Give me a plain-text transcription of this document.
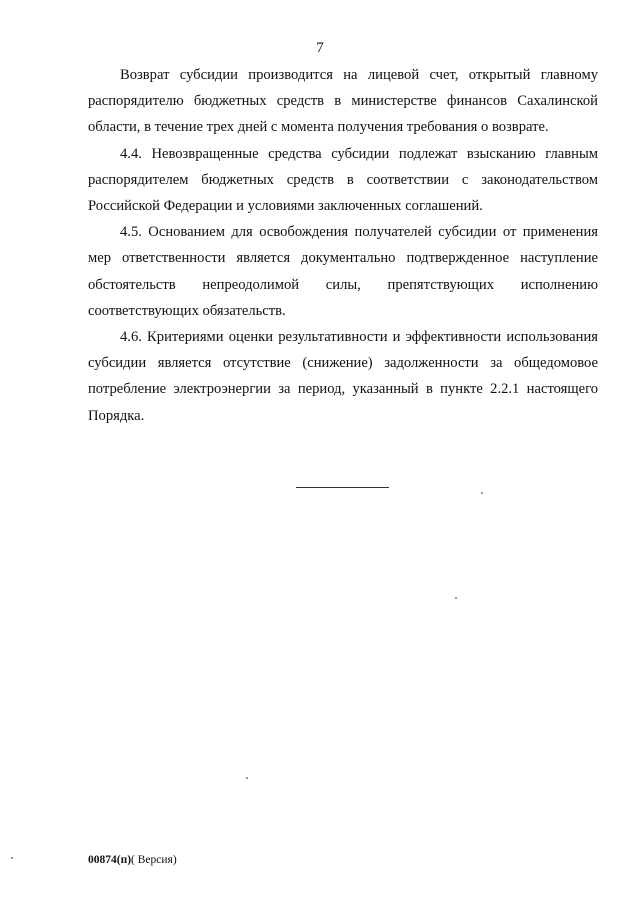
7

Возврат субсидии производится на лицевой счет, открытый главному распорядителю бюджетных средств в министерстве финансов Сахалинской области, в течение трех дней с момента получения требования о возврате.

4.4. Невозвращенные средства субсидии подлежат взысканию главным распорядителем бюджетных средств в соответствии с законодательством Российской Федерации и условиями заключенных соглашений.

4.5. Основанием для освобождения получателей субсидии от применения мер ответственности является документально подтвержденное наступление обстоятельств непреодолимой силы, препятствующих исполнению соответствующих обязательств.

4.6. Критериями оценки результативности и эффективности использования субсидии является отсутствие (снижение) задолженности за общедомовое потребление электроэнергии за период, указанный в пункте 2.2.1 настоящего Порядка.

00874(п)( Версия)
